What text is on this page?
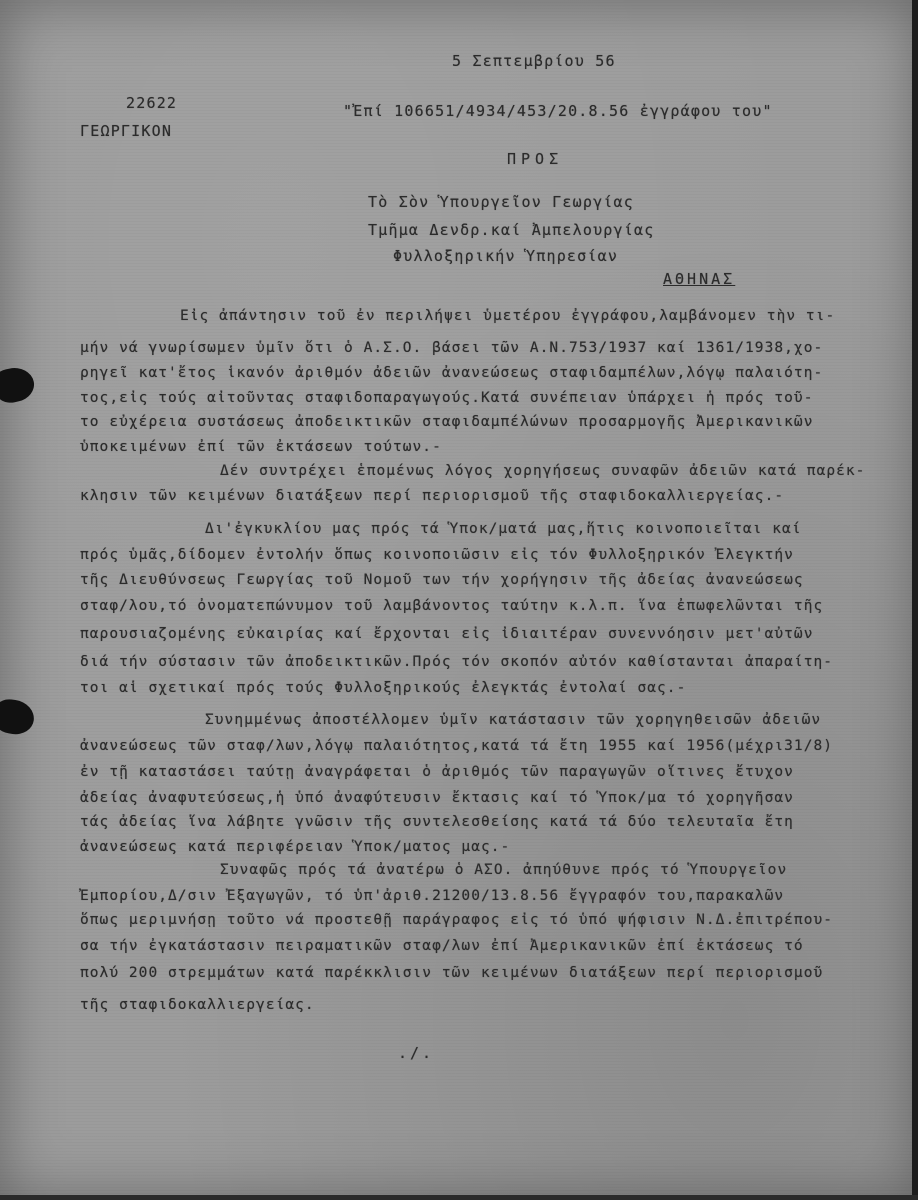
5 Σεπτεμβρίου 56
22622	"Ἐπί 106651/4934/453/20.8.56 ἐγγράφου του"
ΓΕΩΡΓΙΚΟΝ
ΠΡΟΣ
Τὸ Σὸν Ὑπουργεῖον Γεωργίας
Τμῆμα Δενδρ.καί Ἀμπελουργίας
Φυλλοξηρικήν Ὑπηρεσίαν
ΑΘΗΝΑΣ
Εἰς ἀπάντησιν τοῦ ἐν περιλήψει ὑμετέρου ἐγγράφου,λαμβάνομεν τὴν τι-
μήν νά γνωρίσωμεν ὑμῖν ὅτι ὁ Α.Σ.Ο. βάσει τῶν Α.Ν.753/1937 καί 1361/1938,χο-
ρηγεῖ κατ'ἔτος ἱκανόν ἀριθμόν ἀδειῶν ἀνανεώσεως σταφιδαμπέλων,λόγῳ παλαιότη-
τος,εἰς τούς αἰτοῦντας σταφιδοπαραγωγούς.Κατά συνέπειαν ὑπάρχει ἡ πρός τοῦ-
το εὐχέρεια συστάσεως ἀποδεικτικῶν σταφιδαμπέλώνων προσαρμογῆς Ἀμερικανικῶν
ὑποκειμένων ἐπί τῶν ἐκτάσεων τούτων.-
Δέν συντρέχει ἑπομένως λόγος χορηγήσεως συναφῶν ἀδειῶν κατά παρέκ-
κλησιν τῶν κειμένων διατάξεων περί περιορισμοῦ τῆς σταφιδοκαλλιεργείας.-
Δι'ἐγκυκλίου μας πρός τά Ὑποκ/ματά μας,ἥτις κοινοποιεῖται καί
πρός ὑμᾶς,δίδομεν ἐντολήν ὅπως κοινοποιῶσιν εἰς τόν Φυλλοξηρικόν Ἐλεγκτήν
τῆς Διευθύνσεως Γεωργίας τοῦ Νομοῦ των τήν χορήγησιν τῆς ἀδείας ἀνανεώσεως
σταφ/λου,τό ὀνοματεπώνυμον τοῦ λαμβάνοντος ταύτην κ.λ.π. ἵνα ἐπωφελῶνται τῆς
παρουσιαζομένης εὐκαιρίας καί ἔρχονται εἰς ἰδιαιτέραν συνεννόησιν μετ'αὐτῶν
διά τήν σύστασιν τῶν ἀποδεικτικῶν.Πρός τόν σκοπόν αὐτόν καθίστανται ἀπαραίτη-
τοι αἱ σχετικαί πρός τούς Φυλλοξηρικούς ἐλεγκτάς ἐντολαί σας.-
Συνημμένως ἀποστέλλομεν ὑμῖν κατάστασιν τῶν χορηγηθεισῶν ἀδειῶν
ἀνανεώσεως τῶν σταφ/λων,λόγῳ παλαιότητος,κατά τά ἔτη 1955 καί 1956(μέχρι31/8)
ἐν τῇ καταστάσει ταύτῃ ἀναγράφεται ὁ ἀριθμός τῶν παραγωγῶν οἵτινες ἔτυχον
ἀδείας ἀναφυτεύσεως,ἡ ὑπό ἀναφύτευσιν ἔκτασις καί τό Ὑποκ/μα τό χορηγῆσαν
τάς ἀδείας ἵνα λάβητε γνῶσιν τῆς συντελεσθείσης κατά τά δύο τελευταῖα ἔτη
ἀνανεώσεως κατά περιφέρειαν Ὑποκ/ματος μας.-
Συναφῶς πρός τά ἀνατέρω ὁ ΑΣΟ. ἀπηύθυνε πρός τό Ὑπουργεῖον
Ἐμπορίου,Δ/σιν Ἐξαγωγῶν, τό ὑπ'ἀριθ.21200/13.8.56 ἔγγραφόν του,παρακαλῶν
ὅπως μεριμνήσῃ τοῦτο νά προστεθῇ παράγραφος εἰς τό ὑπό ψήφισιν Ν.Δ.ἐπιτρέπου-
σα τήν ἐγκατάστασιν πειραματικῶν σταφ/λων ἐπί Ἀμερικανικῶν ἐπί ἐκτάσεως τό
πολύ 200 στρεμμάτων κατά παρέκκλισιν τῶν κειμένων διατάξεων περί περιορισμοῦ
τῆς σταφιδοκαλλιεργείας.
./.
